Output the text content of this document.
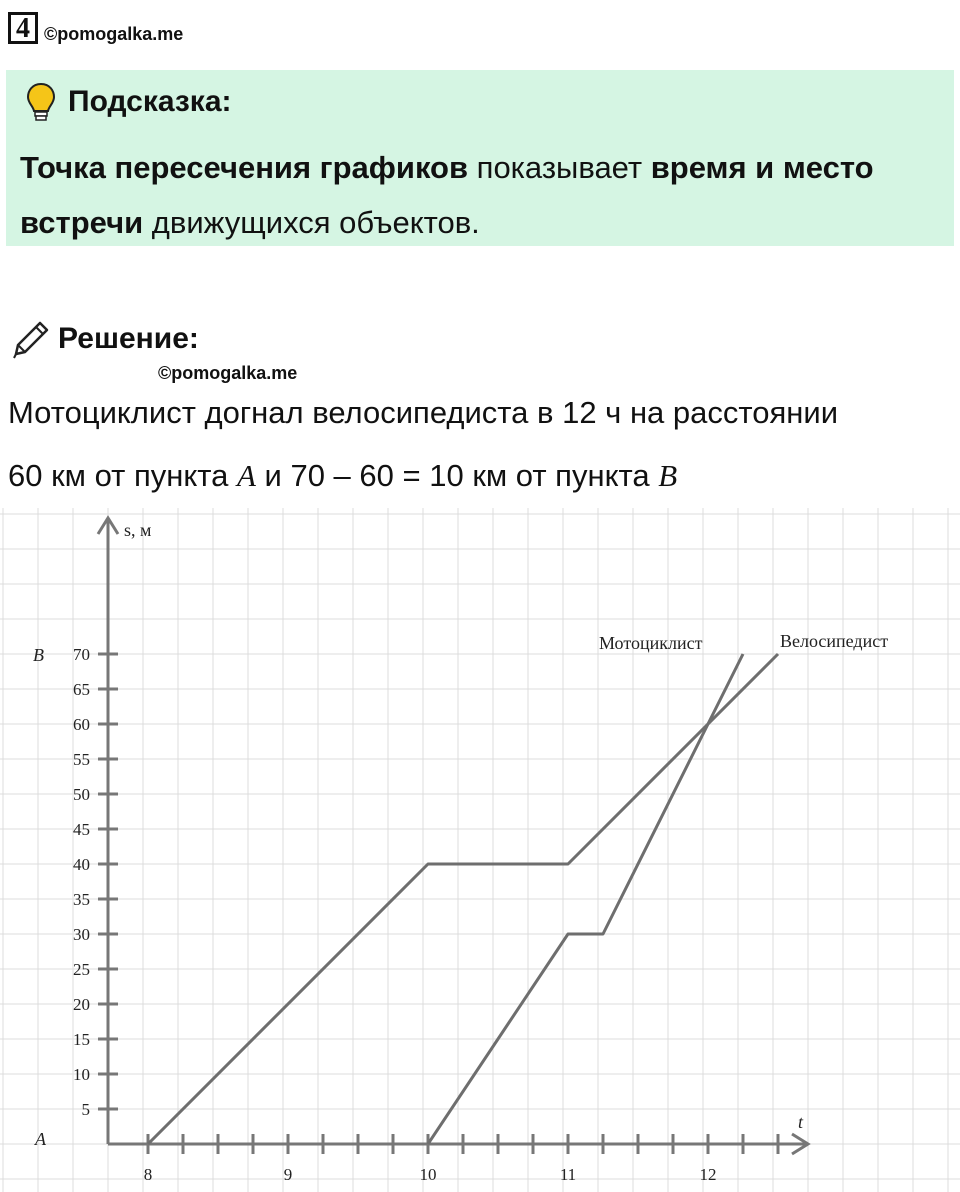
4 ©pomogalka.me
Подсказка:
Точка пересечения графиков показывает время и место встречи движущихся объектов.
Решение:
©pomogalka.me
Мотоциклист догнал велосипедиста в 12 ч на расстоянии
60 км от пункта A и 70 – 60 = 10 км от пункта B
8	9	10	11	12
5
10
15
20
25
30
35
40
45
50
55
60
65
70
s, м
t
B
A
Мотоциклист	Велосипедист
